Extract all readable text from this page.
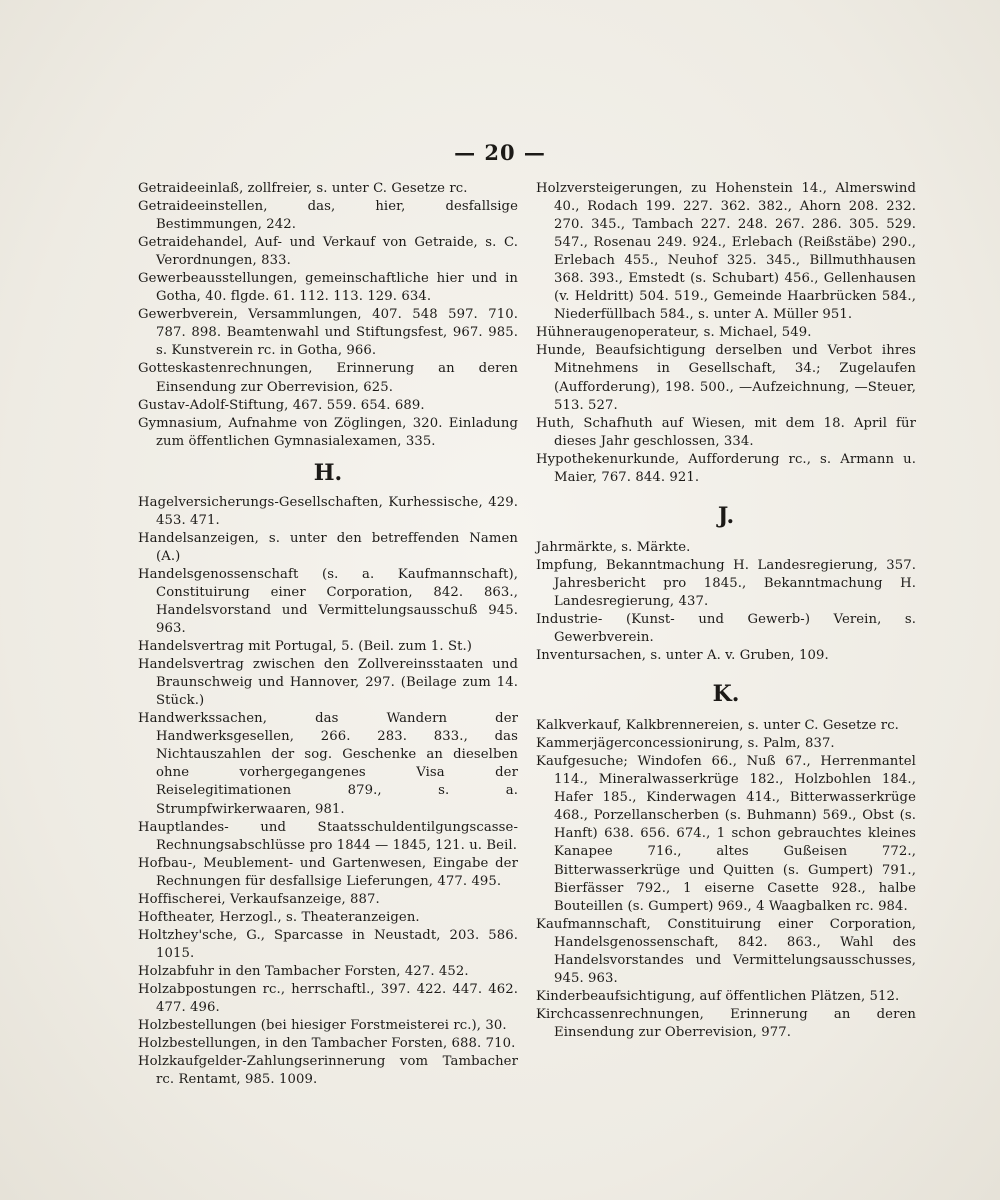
— 20 —

Getraideeinlaß, zollfreier, s. unter C. Gesetze rc.

Getraideeinstellen, das, hier, desfallsige Bestimmungen, 242.

Getraidehandel, Auf- und Verkauf von Getraide, s. C. Verordnungen, 833.

Gewerbeausstellungen, gemeinschaftliche hier und in Gotha, 40. flgde. 61. 112. 113. 129. 634.

Gewerbverein, Versammlungen, 407. 548 597. 710. 787. 898. Beamtenwahl und Stiftungsfest, 967. 985. s. Kunstverein rc. in Gotha, 966.

Gotteskastenrechnungen, Erinnerung an deren Einsendung zur Oberrevision, 625.

Gustav-Adolf-Stiftung, 467. 559. 654. 689.

Gymnasium, Aufnahme von Zöglingen, 320. Einladung zum öffentlichen Gymnasialexamen, 335.

H.

Hagelversicherungs-Gesellschaften, Kurhessische, 429. 453. 471.

Handelsanzeigen, s. unter den betreffenden Namen (A.)

Handelsgenossenschaft (s. a. Kaufmannschaft), Constituirung einer Corporation, 842. 863., Handelsvorstand und Vermittelungsausschuß 945. 963.

Handelsvertrag mit Portugal, 5. (Beil. zum 1. St.)

Handelsvertrag zwischen den Zollvereinsstaaten und Braunschweig und Hannover, 297. (Beilage zum 14. Stück.)

Handwerkssachen, das Wandern der Handwerksgesellen, 266. 283. 833., das Nichtauszahlen der sog. Geschenke an dieselben ohne vorhergegangenes Visa der Reiselegitimationen 879., s. a. Strumpfwirkerwaaren, 981.

Hauptlandes- und Staatsschuldentilgungscasse-Rechnungsabschlüsse pro 1844 — 1845, 121. u. Beil.

Hofbau-, Meublement- und Gartenwesen, Eingabe der Rechnungen für desfallsige Lieferungen, 477. 495.

Hoffischerei, Verkaufsanzeige, 887.

Hoftheater, Herzogl., s. Theateranzeigen.

Holtzhey'sche, G., Sparcasse in Neustadt, 203. 586. 1015.

Holzabfuhr in den Tambacher Forsten, 427. 452.

Holzabpostungen rc., herrschaftl., 397. 422. 447. 462. 477. 496.

Holzbestellungen (bei hiesiger Forstmeisterei rc.), 30.

Holzbestellungen, in den Tambacher Forsten, 688. 710.

Holzkaufgelder-Zahlungserinnerung vom Tambacher rc. Rentamt, 985. 1009.

Holzversteigerungen, zu Hohenstein 14., Almerswind 40., Rodach 199. 227. 362. 382., Ahorn 208. 232. 270. 345., Tambach 227. 248. 267. 286. 305. 529. 547., Rosenau 249. 924., Erlebach (Reißstäbe) 290., Erlebach 455., Neuhof 325. 345., Billmuthhausen 368. 393., Emstedt (s. Schubart) 456., Gellenhausen (v. Heldritt) 504. 519., Gemeinde Haarbrücken 584., Niederfüllbach 584., s. unter A. Müller 951.

Hühneraugenoperateur, s. Michael, 549.

Hunde, Beaufsichtigung derselben und Verbot ihres Mitnehmens in Gesellschaft, 34.; Zugelaufen (Aufforderung), 198. 500., —Aufzeichnung, —Steuer, 513. 527.

Huth, Schafhuth auf Wiesen, mit dem 18. April für dieses Jahr geschlossen, 334.

Hypothekenurkunde, Aufforderung rc., s. Armann u. Maier, 767. 844. 921.

J.

Jahrmärkte, s. Märkte.

Impfung, Bekanntmachung H. Landesregierung, 357. Jahresbericht pro 1845., Bekanntmachung H. Landesregierung, 437.

Industrie- (Kunst- und Gewerb-) Verein, s. Gewerbverein.

Inventursachen, s. unter A. v. Gruben, 109.

K.

Kalkverkauf, Kalkbrennereien, s. unter C. Gesetze rc.

Kammerjägerconcessionirung, s. Palm, 837.

Kaufgesuche; Windofen 66., Nuß 67., Herrenmantel 114., Mineralwasserkrüge 182., Holzbohlen 184., Hafer 185., Kinderwagen 414., Bitterwasserkrüge 468., Porzellanscherben (s. Buhmann) 569., Obst (s. Hanft) 638. 656. 674., 1 schon gebrauchtes kleines Kanapee 716., altes Gußeisen 772., Bitterwasserkrüge und Quitten (s. Gumpert) 791., Bierfässer 792., 1 eiserne Casette 928., halbe Bouteillen (s. Gumpert) 969., 4 Waagbalken rc. 984.

Kaufmannschaft, Constituirung einer Corporation, Handelsgenossenschaft, 842. 863., Wahl des Handelsvorstandes und Vermittelungsausschusses, 945. 963.

Kinderbeaufsichtigung, auf öffentlichen Plätzen, 512.

Kirchcassenrechnungen, Erinnerung an deren Einsendung zur Oberrevision, 977.
